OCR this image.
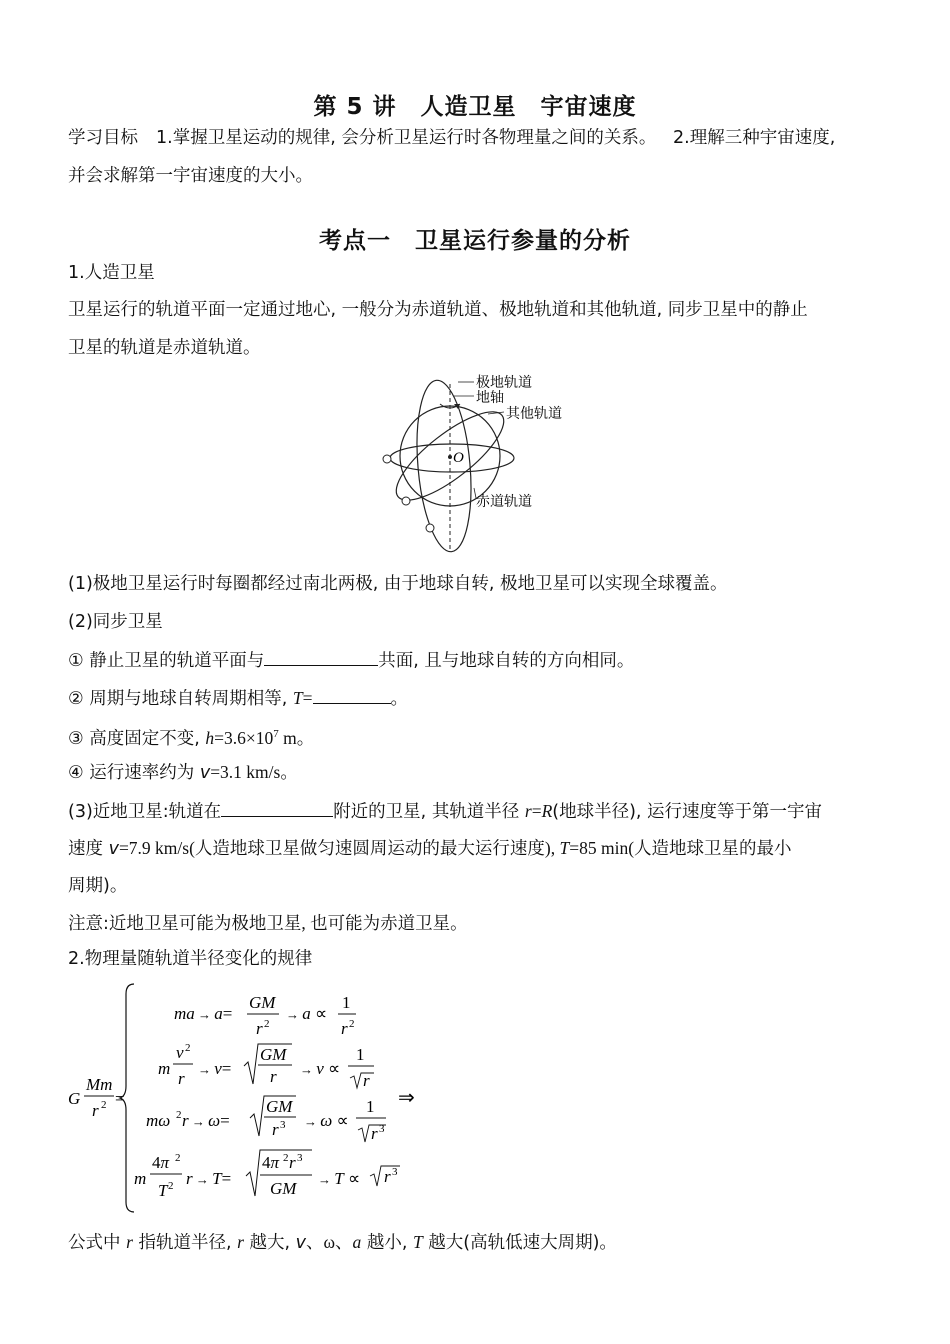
第 5 讲　人造卫星　宇宙速度
学习目标 1.掌握卫星运动的规律, 会分析卫星运行时各物理量之间的关系。 2.理解三种宇宙速度,
并会求解第一宇宙速度的大小。
考点一　卫星运行参量的分析
1.人造卫星
卫星运行的轨道平面一定通过地心, 一般分为赤道轨道、极地轨道和其他轨道, 同步卫星中的静止
卫星的轨道是赤道轨道。
O
极地轨道
地轴
其他轨道
赤道轨道
(1)极地卫星运行时每圈都经过南北两极, 由于地球自转, 极地卫星可以实现全球覆盖。
(2)同步卫星
① 静止卫星的轨道平面与	共面, 且与地球自转的方向相同。
② 周期与地球自转周期相等, T=	。
③ 高度固定不变, $h=3.6\times 10^7$ m。
④ 运行速率约为 v=3.1 km/s。
(3)近地卫星:轨道在	附近的卫星, 其轨道半径 r=R(地球半径), 运行速度等于第一宇宙
速度 v=7.9 km/s(人造地球卫星做匀速圆周运动的最大运行速度), T=85 min(人造地球卫星的最小
周期)。
注意:近地卫星可能为极地卫星, 也可能为赤道卫星。
2.物理量随轨道半径变化的规律
G
Mm
r 2 =
ma → a=
GM
r 2
→ a ∝
1
r 2
m
v 2
r → v=
GM
r → v ∝
1
r
mω 2 r → ω=
GM
r 3 → ω ∝
1
r 3
m
4π 2
T 2 r → T=
4π 2 r 3
GM → T ∝ r 3
⇒
公式中 r 指轨道半径, r 越大, v、ω、a 越小, T 越大(高轨低速大周期)。
